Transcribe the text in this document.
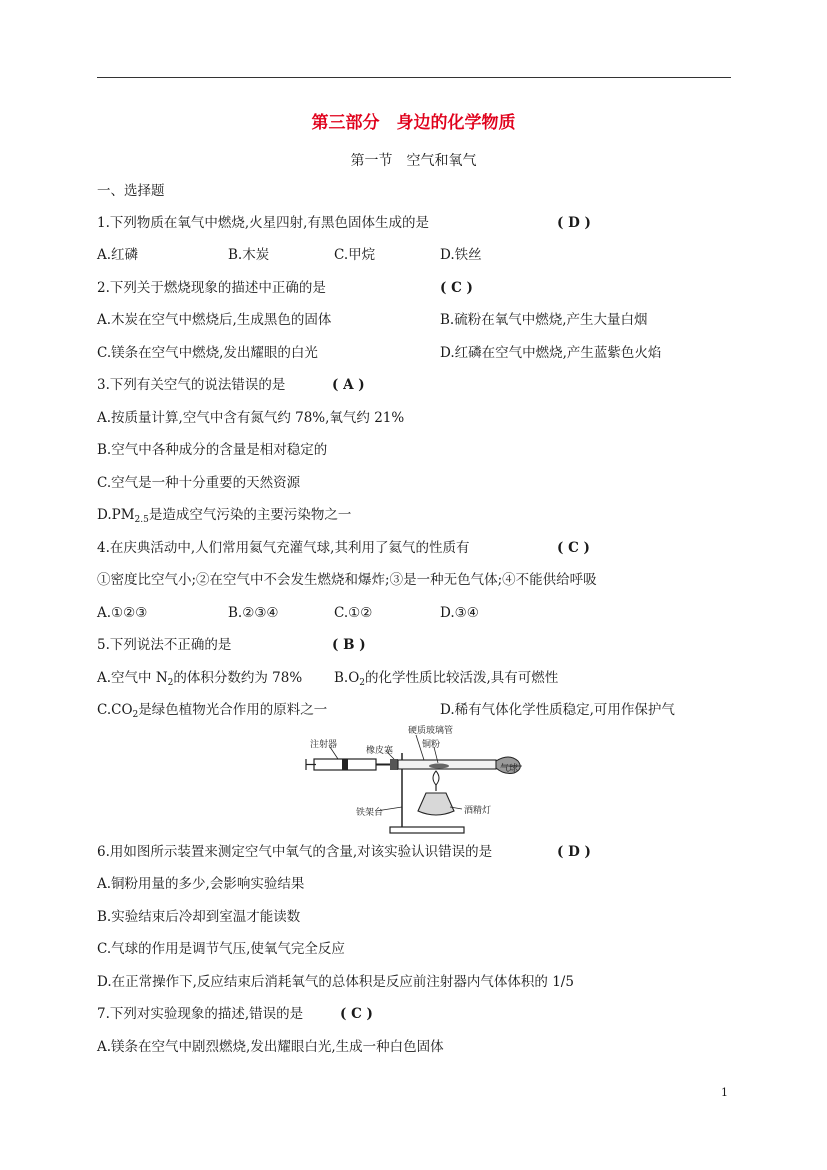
第三部分　身边的化学物质
第一节　空气和氧气
一、选择题
1.下列物质在氧气中燃烧,火星四射,有黑色固体生成的是	( D )
A.红磷	B.木炭	C.甲烷	D.铁丝
2.下列关于燃烧现象的描述中正确的是	( C )
A.木炭在空气中燃烧后,生成黑色的固体	B.硫粉在氧气中燃烧,产生大量白烟
C.镁条在空气中燃烧,发出耀眼的白光	D.红磷在空气中燃烧,产生蓝紫色火焰
3.下列有关空气的说法错误的是	( A )
A.按质量计算,空气中含有氮气约 78%,氧气约 21%
B.空气中各种成分的含量是相对稳定的
C.空气是一种十分重要的天然资源
$D.PM_{2.5}$是造成空气污染的主要污染物之一
4.在庆典活动中,人们常用氦气充灌气球,其利用了氦气的性质有	( C )
①密度比空气小;②在空气中不会发生燃烧和爆炸;③是一种无色气体;④不能供给呼吸
A.①②③	B.②③④	C.①②	D.③④
5.下列说法不正确的是	( B )
A.空气中 $N_2$的体积分数约为 78% $B.O_2$的化学性质比较活泼,具有可燃性
$C.CO_2$是绿色植物光合作用的原料之一	D.稀有气体化学性质稳定,可用作保护气
注射器
橡皮塞
硬质玻璃管
铜粉
气球
铁架台	酒精灯
6.用如图所示装置来测定空气中氧气的含量,对该实验认识错误的是	( D )
A.铜粉用量的多少,会影响实验结果
B.实验结束后冷却到室温才能读数
C.气球的作用是调节气压,使氧气完全反应
D.在正常操作下,反应结束后消耗氧气的总体积是反应前注射器内气体体积的 1/5
7.下列对实验现象的描述,错误的是	( C )
A.镁条在空气中剧烈燃烧,发出耀眼白光,生成一种白色固体
1
